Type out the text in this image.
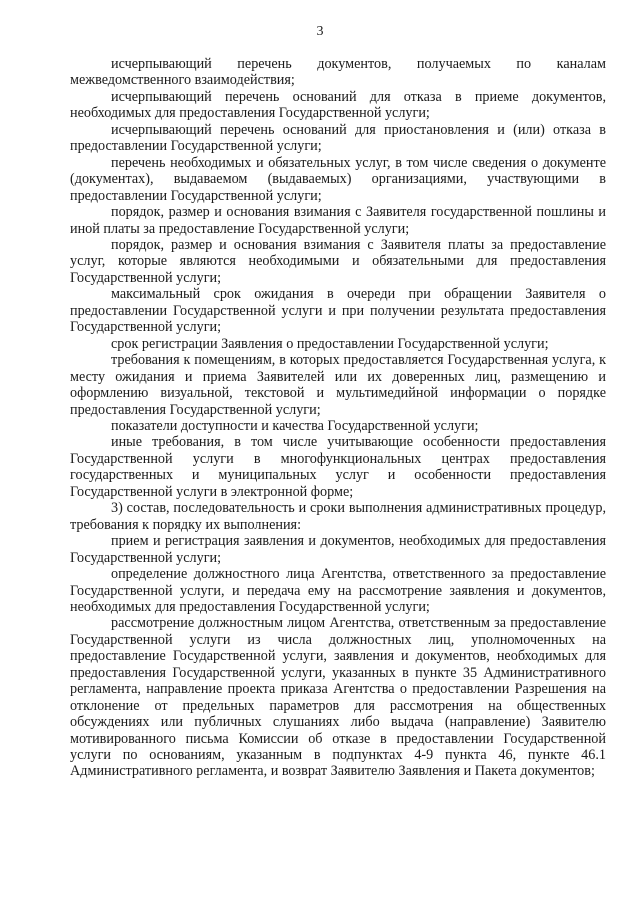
3

исчерпывающий перечень документов, получаемых по каналам межведомственного взаимодействия;

исчерпывающий перечень оснований для отказа в приеме документов, необходимых для предоставления Государственной услуги;

исчерпывающий перечень оснований для приостановления и (или) отказа в предоставлении Государственной услуги;

перечень необходимых и обязательных услуг, в том числе сведения о документе (документах), выдаваемом (выдаваемых) организациями, участвующими в предоставлении Государственной услуги;

порядок, размер и основания взимания с Заявителя государственной пошлины и иной платы за предоставление Государственной услуги;

порядок, размер и основания взимания с Заявителя платы за предоставление услуг, которые являются необходимыми и обязательными для предоставления Государственной услуги;

максимальный срок ожидания в очереди при обращении Заявителя о предоставлении Государственной услуги и при получении результата предоставления Государственной услуги;

срок регистрации Заявления о предоставлении Государственной услуги;

требования к помещениям, в которых предоставляется Государственная услуга, к месту ожидания и приема Заявителей или их доверенных лиц, размещению и оформлению визуальной, текстовой и мультимедийной информации о порядке предоставления Государственной услуги;

показатели доступности и качества Государственной услуги;

иные требования, в том числе учитывающие особенности предоставления Государственной услуги в многофункциональных центрах предоставления государственных и муниципальных услуг и особенности предоставления Государственной услуги в электронной форме;

3) состав, последовательность и сроки выполнения административных процедур, требования к порядку их выполнения:

прием и регистрация заявления и документов, необходимых для предоставления Государственной услуги;

определение должностного лица Агентства, ответственного за предоставление Государственной услуги, и передача ему на рассмотрение заявления и документов, необходимых для предоставления Государственной услуги;

рассмотрение должностным лицом Агентства, ответственным за предоставление Государственной услуги из числа должностных лиц, уполномоченных на предоставление Государственной услуги, заявления и документов, необходимых для предоставления Государственной услуги, указанных в пункте 35 Административного регламента, направление проекта приказа Агентства о предоставлении Разрешения на отклонение от предельных параметров для рассмотрения на общественных обсуждениях или публичных слушаниях либо выдача (направление) Заявителю мотивированного письма Комиссии об отказе в предоставлении Государственной услуги по основаниям, указанным в подпунктах 4-9 пункта 46, пункте 46.1 Административного регламента, и возврат Заявителю Заявления и Пакета документов;
